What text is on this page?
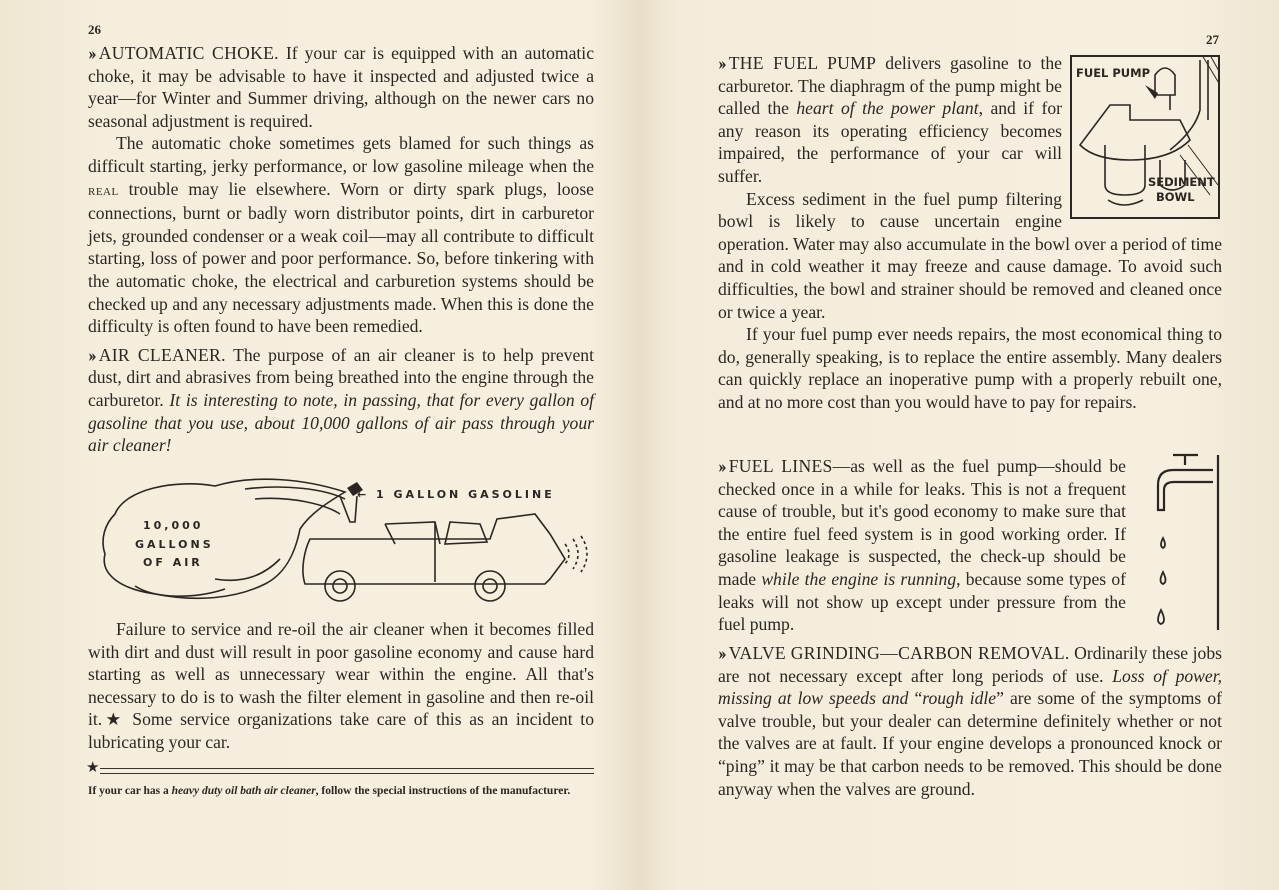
26

›› AUTOMATIC CHOKE. If your car is equipped with an automatic choke, it may be advisable to have it inspected and adjusted twice a year—for Winter and Summer driving, although on the newer cars no seasonal adjustment is required.

The automatic choke sometimes gets blamed for such things as difficult starting, jerky performance, or low gasoline mileage when the real trouble may lie elsewhere. Worn or dirty spark plugs, loose connections, burnt or badly worn distributor points, dirt in carburetor jets, grounded condenser or a weak coil—may all contribute to difficult starting, loss of power and poor performance. So, before tinkering with the automatic choke, the electrical and carburetion systems should be checked up and any necessary adjustments made. When this is done the difficulty is often found to have been remedied.

›› AIR CLEANER. The purpose of an air cleaner is to help prevent dust, dirt and abrasives from being breathed into the engine through the carburetor. It is interesting to note, in passing, that for every gallon of gasoline that you use, about 10,000 gallons of air pass through your air cleaner!

← 1 GALLON GASOLINE
10,000
GALLONS
OF AIR

Failure to service and re-oil the air cleaner when it becomes filled with dirt and dust will result in poor gasoline economy and cause hard starting as well as unnecessary wear within the engine. All that's necessary to do is to wash the filter element in gasoline and then re-oil it.★ Some service organizations take care of this as an incident to lubricating your car.

★
If your car has a heavy duty oil bath air cleaner, follow the special instructions of the manufacturer.
27
FUEL PUMP
SEDIMENT
BOWL

›› THE FUEL PUMP delivers gasoline to the carburetor. The diaphragm of the pump might be called the heart of the power plant, and if for any reason its operating efficiency becomes impaired, the performance of your car will suffer.

Excess sediment in the fuel pump filtering bowl is likely to cause uncertain engine operation. Water may also accumulate in the bowl over a period of time and in cold weather it may freeze and cause damage. To avoid such difficulties, the bowl and strainer should be removed and cleaned once or twice a year.

If your fuel pump ever needs repairs, the most economical thing to do, generally speaking, is to replace the entire assembly. Many dealers can quickly replace an inoperative pump with a properly rebuilt one, and at no more cost than you would have to pay for repairs.

›› FUEL LINES—as well as the fuel pump—should be checked once in a while for leaks. This is not a frequent cause of trouble, but it's good economy to make sure that the entire fuel feed system is in good working order. If gasoline leakage is suspected, the check-up should be made while the engine is running, because some types of leaks will not show up except under pressure from the fuel pump.

›› VALVE GRINDING—CARBON REMOVAL. Ordinarily these jobs are not necessary except after long periods of use. Loss of power, missing at low speeds and “rough idle” are some of the symptoms of valve trouble, but your dealer can determine definitely whether or not the valves are at fault. If your engine develops a pronounced knock or “ping” it may be that carbon needs to be removed. This should be done anyway when the valves are ground.
